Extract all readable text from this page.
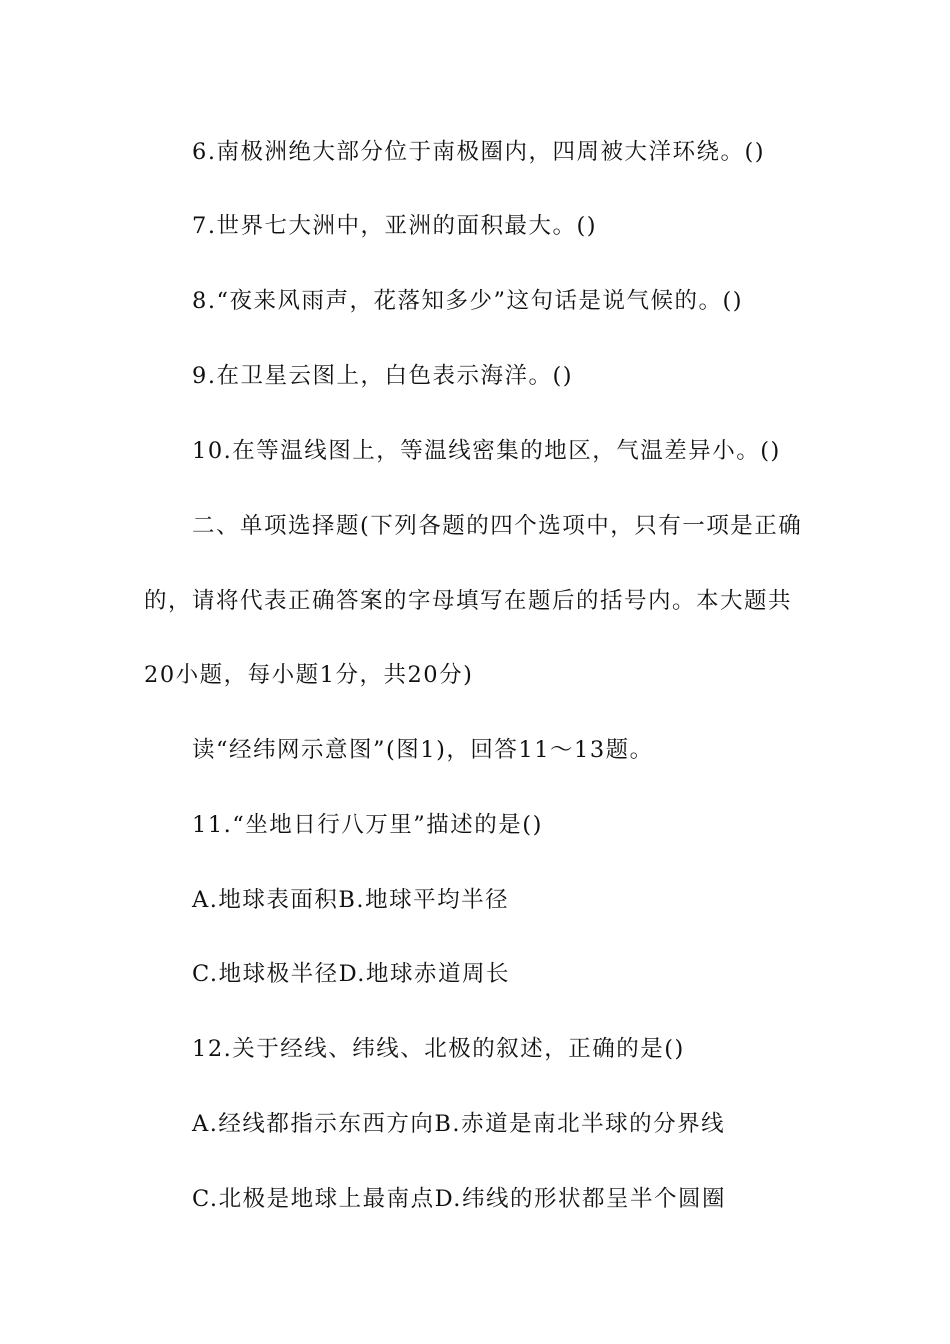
6.南极洲绝大部分位于南极圈内，四周被大洋环绕。()
7.世界七大洲中，亚洲的面积最大。()
8.“夜来风雨声，花落知多少”这句话是说气候的。()
9.在卫星云图上，白色表示海洋。()
10.在等温线图上，等温线密集的地区，气温差异小。()
二、单项选择题(下列各题的四个选项中，只有一项是正确
的，请将代表正确答案的字母填写在题后的括号内。本大题共
20小题，每小题1分，共20分)
读“经纬网示意图”(图1)，回答11～13题。
11.“坐地日行八万里”描述的是()
A.地球表面积B.地球平均半径
C.地球极半径D.地球赤道周长
12.关于经线、纬线、北极的叙述，正确的是()
A.经线都指示东西方向B.赤道是南北半球的分界线
C.北极是地球上最南点D.纬线的形状都呈半个圆圈
